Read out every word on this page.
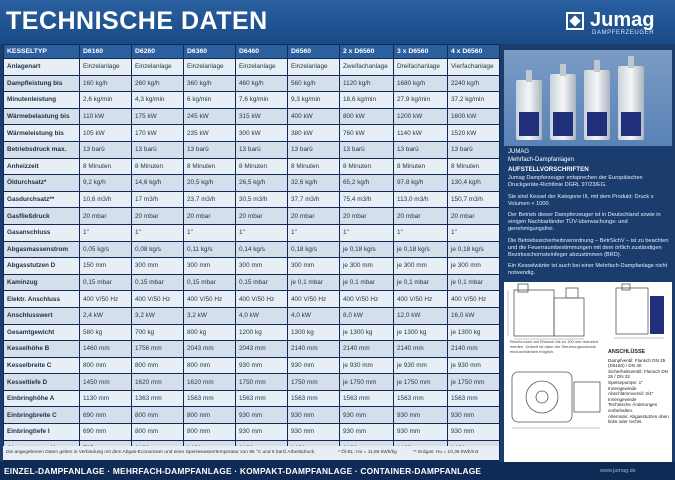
TECHNISCHE DATEN	Jumag
DAMPFERZEUGER
KESSELTYP	D6160	D6260	D6360	D6460	D6560	2 x D6560	3 x D6560	4 x D6560
Anlagenart	Einzelanlage	Einzelanlage	Einzelanlage	Einzelanlage	Einzelanlage	Zweifachanlage	Dreifachanlage	Vierfachanlage
Dampfleistung bis	160 kg/h	260 kg/h	360 kg/h	460 kg/h	560 kg/h	1120 kg/h	1680 kg/h	2240 kg/h
Minutenleistung	2,6 kg/min	4,3 kg/min	6 kg/min	7,6 kg/min	9,3 kg/min	18,6 kg/min	27,9 kg/min	37,2 kg/min
Wärmebelastung bis	110 kW	175 kW	245 kW	315 kW	400 kW	800 kW	1200 kW	1600 kW
Wärmeleistung bis	105 kW	170 kW	235 kW	300 kW	380 kW	760 kW	1140 kW	1520 kW
Betriebsdruck max.	13 barü	13 barü	13 barü	13 barü	13 barü	13 barü	13 barü	13 barü
Anheizzeit	8 Minuten	8 Minuten	8 Minuten	8 Minuten	8 Minuten	8 Minuten	8 Minuten	8 Minuten
Öldurchsatz*	9,2 kg/h	14,6 kg/h	20,5 kg/h	26,5 kg/h	32,6 kg/h	65,2 kg/h	97,8 kg/h	130,4 kg/h
Gasdurchsatz**	10,6 m3/h	17 m3/h	23,7 m3/h	30,5 m3/h	37,7 m3/h	75,4 m3/h	113,0 m3/h	150,7 m3/h
Gasfließdruck	20 mbar	20 mbar	20 mbar	20 mbar	20 mbar	20 mbar	20 mbar	20 mbar
Gasanschluss	1"	1"	1"	1"	1"	1"	1"	1"
Abgasmassenstrom	0,05 kg/s	0,08 kg/s	0,11 kg/s	0,14 kg/s	0,18 kg/s	je 0,18 kg/s	je 0,18 kg/s	je 0,18 kg/s
Abgasstutzen D	150 mm	300 mm	300 mm	300 mm	300 mm	je 300 mm	je 300 mm	je 300 mm
Kaminzug	0,15 mbar	0,15 mbar	0,15 mbar	0,15 mbar	je 0,1 mbar	je 0,1 mbar	je 0,1 mbar	je 0,1 mbar
Elektr. Anschluss	400 V/50 Hz	400 V/50 Hz	400 V/50 Hz	400 V/50 Hz	400 V/50 Hz	400 V/50 Hz	400 V/50 Hz	400 V/50 Hz
Anschlusswert	2,4 kW	3,2 kW	3,2 kW	4,0 kW	4,0 kW	8,0 kW	12,0 kW	16,0 kW
Gesamtgewicht	580 kg	700 kg	800 kg	1200 kg	1300 kg	je 1300 kg	je 1300 kg	je 1300 kg
Kesselhöhe B	1460 mm	1756 mm	2043 mm	2043 mm	2140 mm	2140 mm	2140 mm	2140 mm
Kesselbreite C	800 mm	800 mm	800 mm	930 mm	930 mm	je 930 mm	je 930 mm	je 930 mm
Kesseltiefe D	1450 mm	1620 mm	1620 mm	1750 mm	1750 mm	je 1750 mm	je 1750 mm	je 1750 mm
Einbringhöhe A	1130 mm	1363 mm	1563 mm	1563 mm	1563 mm	1563 mm	1563 mm	1563 mm
Einbringbreite C	690 mm	800 mm	800 mm	930 mm	930 mm	930 mm	930 mm	930 mm
Einbringtiefe I	690 mm	800 mm	800 mm	930 mm	930 mm	930 mm	930 mm	930 mm

Die angegebenen Daten gelten in Verbindung mit dem Abgas-Economiser und einer Speisewassertemperatur von 95 °C und 6 barÜ Arbeitsdruck.	* Öl-EL: Hu = 11,86 kWh/kg	** Erdgas: Hu = 10,36 kWh/m3
JUMAG
Mehrfach-Dampfanlagen
AUFSTELLVORSCHRIFTEN

Jumag Dampferzeuger entsprechen der Europäischen Druckgeräte-Richtlinie DGRL 97/23/EG.

Sie sind Kessel der Kategorie III, mit dem Produkt: Druck x Volumen < 1000.

Der Betrieb dieser Dampferzeuger ist in Deutschland sowie in einigen Nachbarländer TÜV-überwachungs- und genehmigungsfrei.

Die Betriebssicherheitsverordnung – BetrSichV – ist zu beachten und die Feuerraumbestimmungen mit dem örtlich zuständigen Bezirksschornsteinfeger abzustimmen (BRD).

Ein Kesselwärter ist auch bei einer Mehrfach-Dampfanlage nicht notwendig.

Rechts kann auf Wunsch bis zu 100 mm reduziert werden. Jedoch ist dann der Steuerungsschrank einzuschränken möglich.	ANSCHLÜSSE
Dampfventil: Flansch DN 25 (D6160) / DN 40
Sicherheitsventil: Flansch DN 25 / DN 32
Speisepumpe: 1" Innengewinde
Abschlämmventil: 3/4" Innengewinde
Technische Änderungen vorbehalten.
Alternativ: Abgasstutzen oben links oder rechts
EINZEL-DAMPFANLAGE · MEHRFACH-DAMPFANLAGE · KOMPAKT-DAMPFANLAGE · CONTAINER-DAMPFANLAGE	www.jumag.de
